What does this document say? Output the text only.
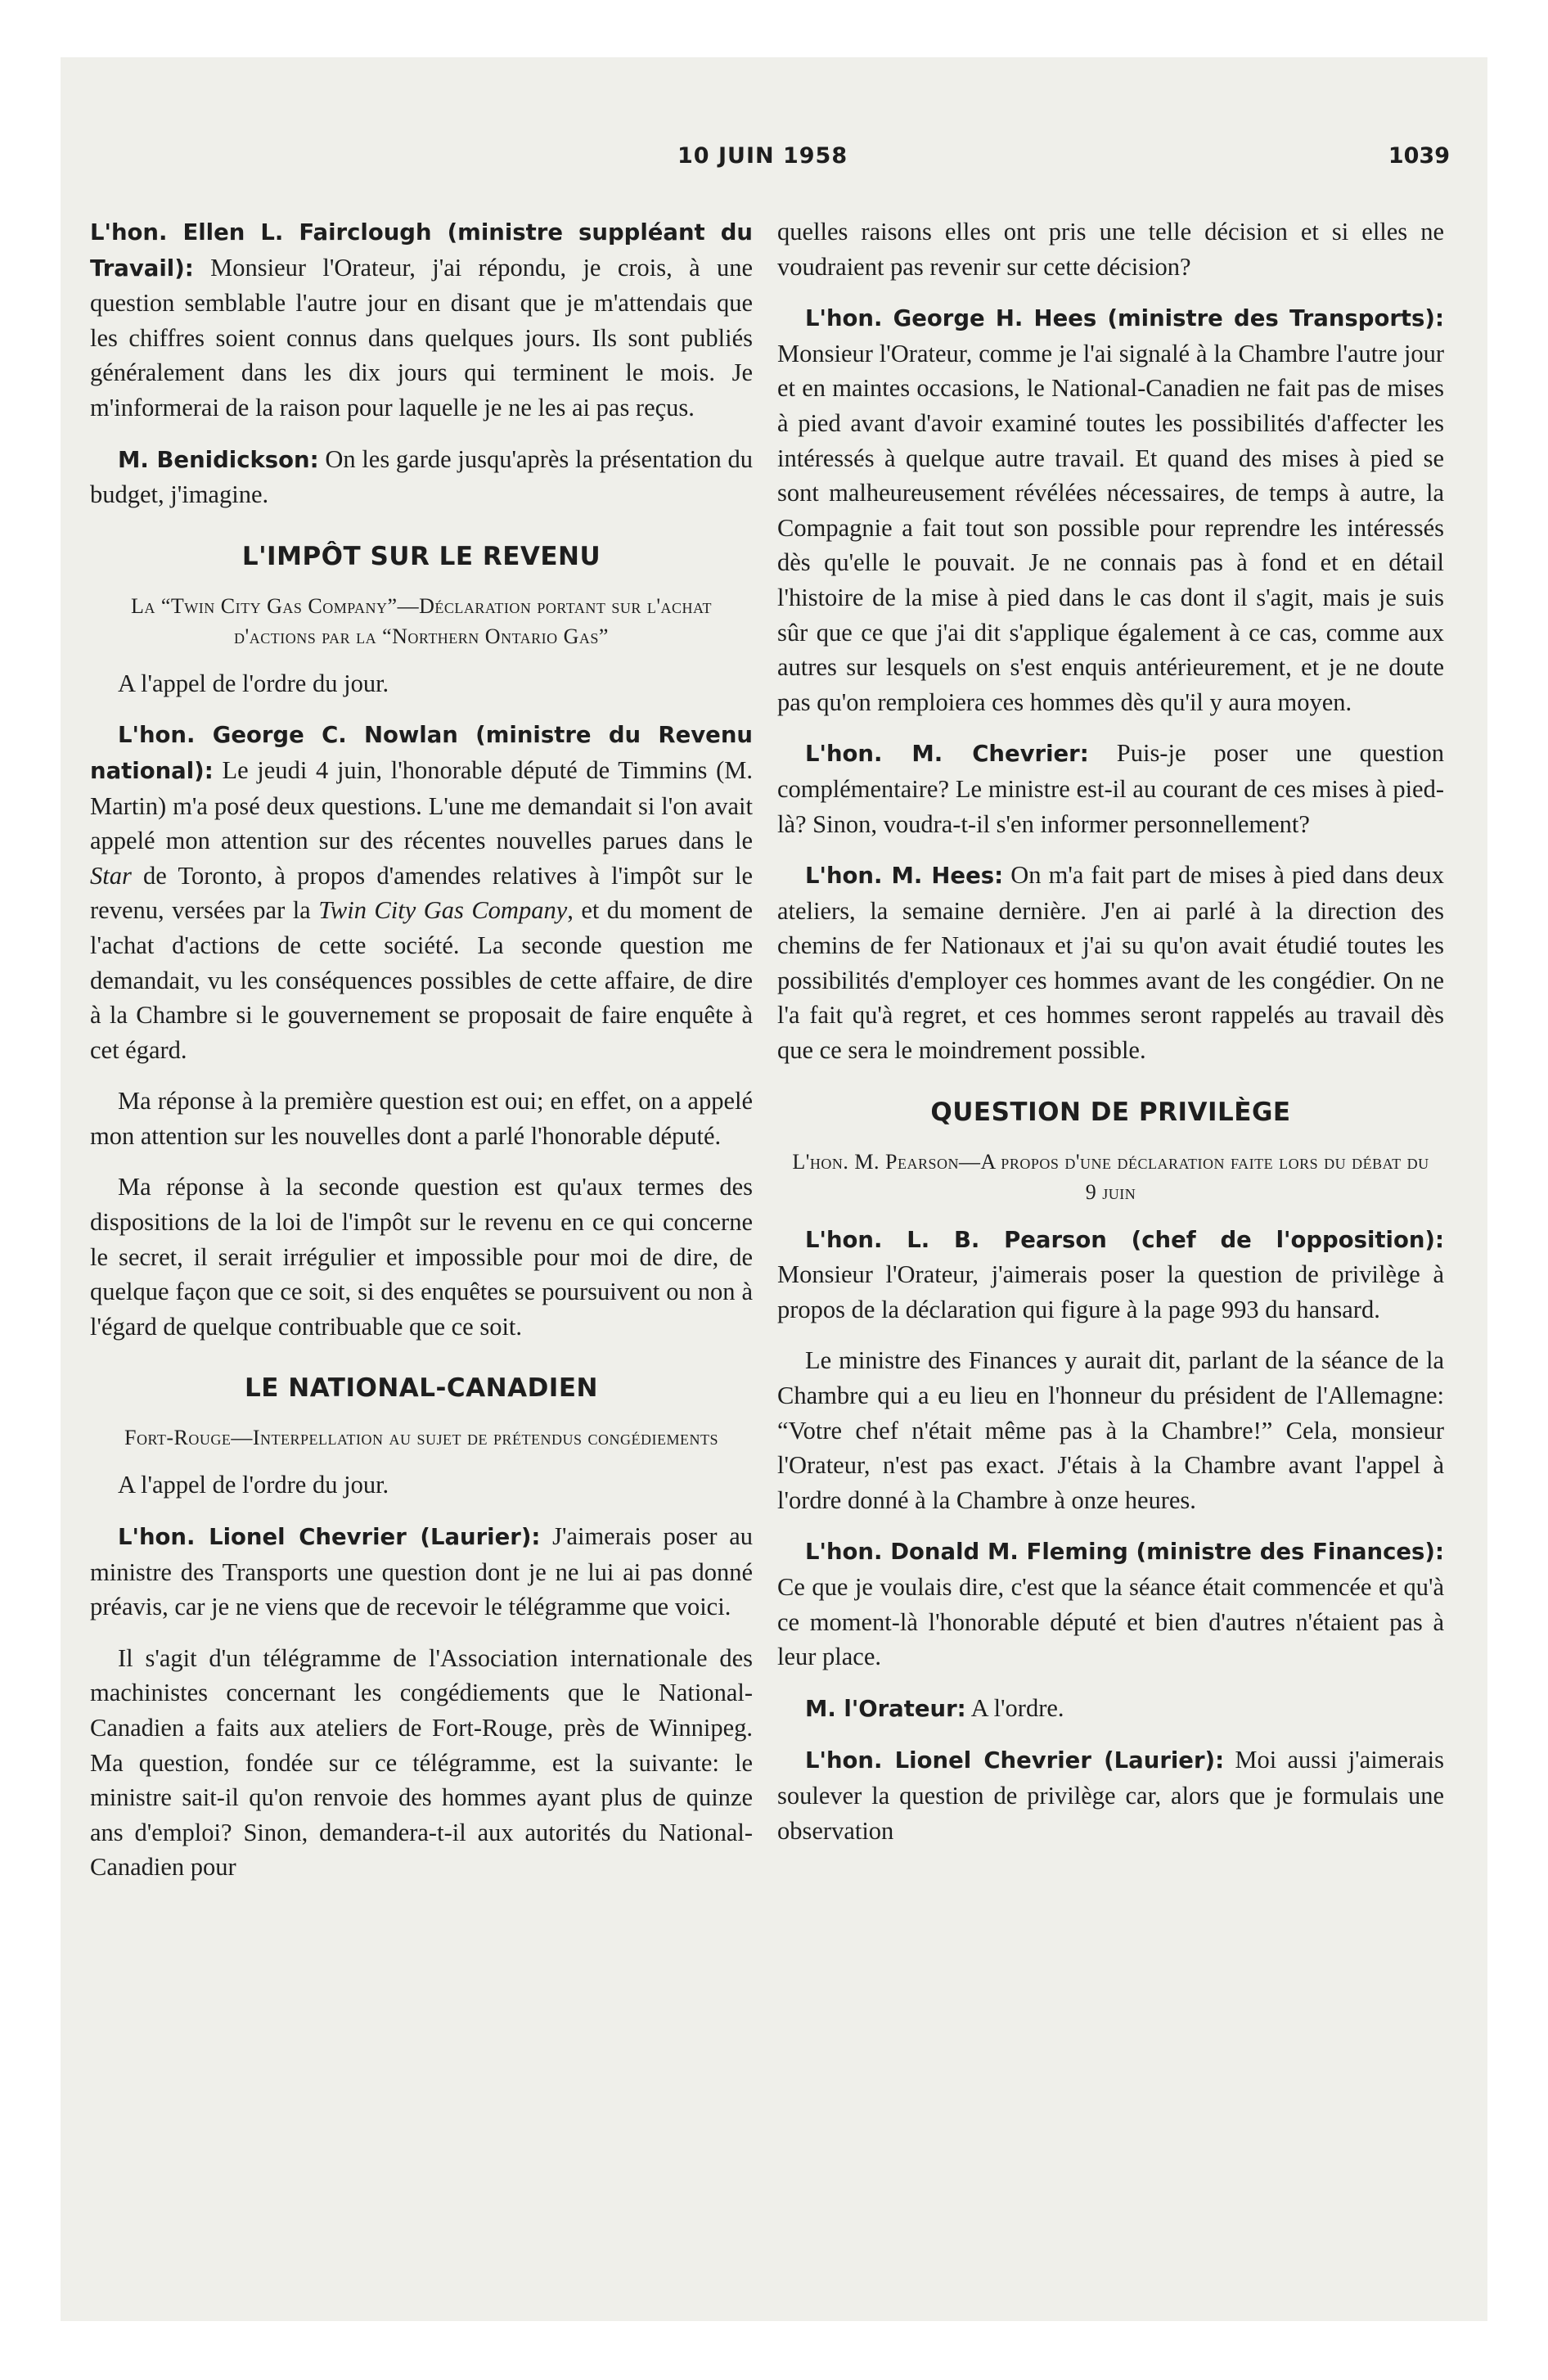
10 JUIN 1958	1039

L'hon. Ellen L. Fairclough (ministre suppléant du Travail): Monsieur l'Orateur, j'ai répondu, je crois, à une question semblable l'autre jour en disant que je m'attendais que les chiffres soient connus dans quelques jours. Ils sont publiés généralement dans les dix jours qui terminent le mois. Je m'informerai de la raison pour laquelle je ne les ai pas reçus.

M. Benidickson: On les garde jusqu'après la présentation du budget, j'imagine.

L'IMPÔT SUR LE REVENU
La “Twin City Gas Company”—Déclaration portant sur l'achat d'actions par la “Northern Ontario Gas”

A l'appel de l'ordre du jour.

L'hon. George C. Nowlan (ministre du Revenu national): Le jeudi 4 juin, l'honorable député de Timmins (M. Martin) m'a posé deux questions. L'une me demandait si l'on avait appelé mon attention sur des récentes nouvelles parues dans le Star de Toronto, à propos d'amendes relatives à l'impôt sur le revenu, versées par la Twin City Gas Company, et du moment de l'achat d'actions de cette société. La seconde question me demandait, vu les conséquences possibles de cette affaire, de dire à la Chambre si le gouvernement se proposait de faire enquête à cet égard.

Ma réponse à la première question est oui; en effet, on a appelé mon attention sur les nouvelles dont a parlé l'honorable député.

Ma réponse à la seconde question est qu'aux termes des dispositions de la loi de l'impôt sur le revenu en ce qui concerne le secret, il serait irrégulier et impossible pour moi de dire, de quelque façon que ce soit, si des enquêtes se poursuivent ou non à l'égard de quelque contribuable que ce soit.

LE NATIONAL-CANADIEN
Fort-Rouge—Interpellation au sujet de prétendus congédiements

A l'appel de l'ordre du jour.

L'hon. Lionel Chevrier (Laurier): J'aimerais poser au ministre des Transports une question dont je ne lui ai pas donné préavis, car je ne viens que de recevoir le télégramme que voici.

Il s'agit d'un télégramme de l'Association internationale des machinistes concernant les congédiements que le National-Canadien a faits aux ateliers de Fort-Rouge, près de Winnipeg. Ma question, fondée sur ce télégramme, est la suivante: le ministre sait-il qu'on renvoie des hommes ayant plus de quinze ans d'emploi? Sinon, demandera-t-il aux autorités du National-Canadien pour

quelles raisons elles ont pris une telle décision et si elles ne voudraient pas revenir sur cette décision?

L'hon. George H. Hees (ministre des Transports): Monsieur l'Orateur, comme je l'ai signalé à la Chambre l'autre jour et en maintes occasions, le National-Canadien ne fait pas de mises à pied avant d'avoir examiné toutes les possibilités d'affecter les intéressés à quelque autre travail. Et quand des mises à pied se sont malheureusement révélées nécessaires, de temps à autre, la Compagnie a fait tout son possible pour reprendre les intéressés dès qu'elle le pouvait. Je ne connais pas à fond et en détail l'histoire de la mise à pied dans le cas dont il s'agit, mais je suis sûr que ce que j'ai dit s'applique également à ce cas, comme aux autres sur lesquels on s'est enquis antérieurement, et je ne doute pas qu'on remploiera ces hommes dès qu'il y aura moyen.

L'hon. M. Chevrier: Puis-je poser une question complémentaire? Le ministre est-il au courant de ces mises à pied-là? Sinon, voudra-t-il s'en informer personnellement?

L'hon. M. Hees: On m'a fait part de mises à pied dans deux ateliers, la semaine dernière. J'en ai parlé à la direction des chemins de fer Nationaux et j'ai su qu'on avait étudié toutes les possibilités d'employer ces hommes avant de les congédier. On ne l'a fait qu'à regret, et ces hommes seront rappelés au travail dès que ce sera le moindrement possible.

QUESTION DE PRIVILÈGE
L'hon. M. Pearson—A propos d'une déclaration faite lors du débat du 9 juin

L'hon. L. B. Pearson (chef de l'opposition): Monsieur l'Orateur, j'aimerais poser la question de privilège à propos de la déclaration qui figure à la page 993 du hansard.

Le ministre des Finances y aurait dit, parlant de la séance de la Chambre qui a eu lieu en l'honneur du président de l'Allemagne: “Votre chef n'était même pas à la Chambre!” Cela, monsieur l'Orateur, n'est pas exact. J'étais à la Chambre avant l'appel à l'ordre donné à la Chambre à onze heures.

L'hon. Donald M. Fleming (ministre des Finances): Ce que je voulais dire, c'est que la séance était commencée et qu'à ce moment-là l'honorable député et bien d'autres n'étaient pas à leur place.

M. l'Orateur: A l'ordre.

L'hon. Lionel Chevrier (Laurier): Moi aussi j'aimerais soulever la question de privilège car, alors que je formulais une observation
